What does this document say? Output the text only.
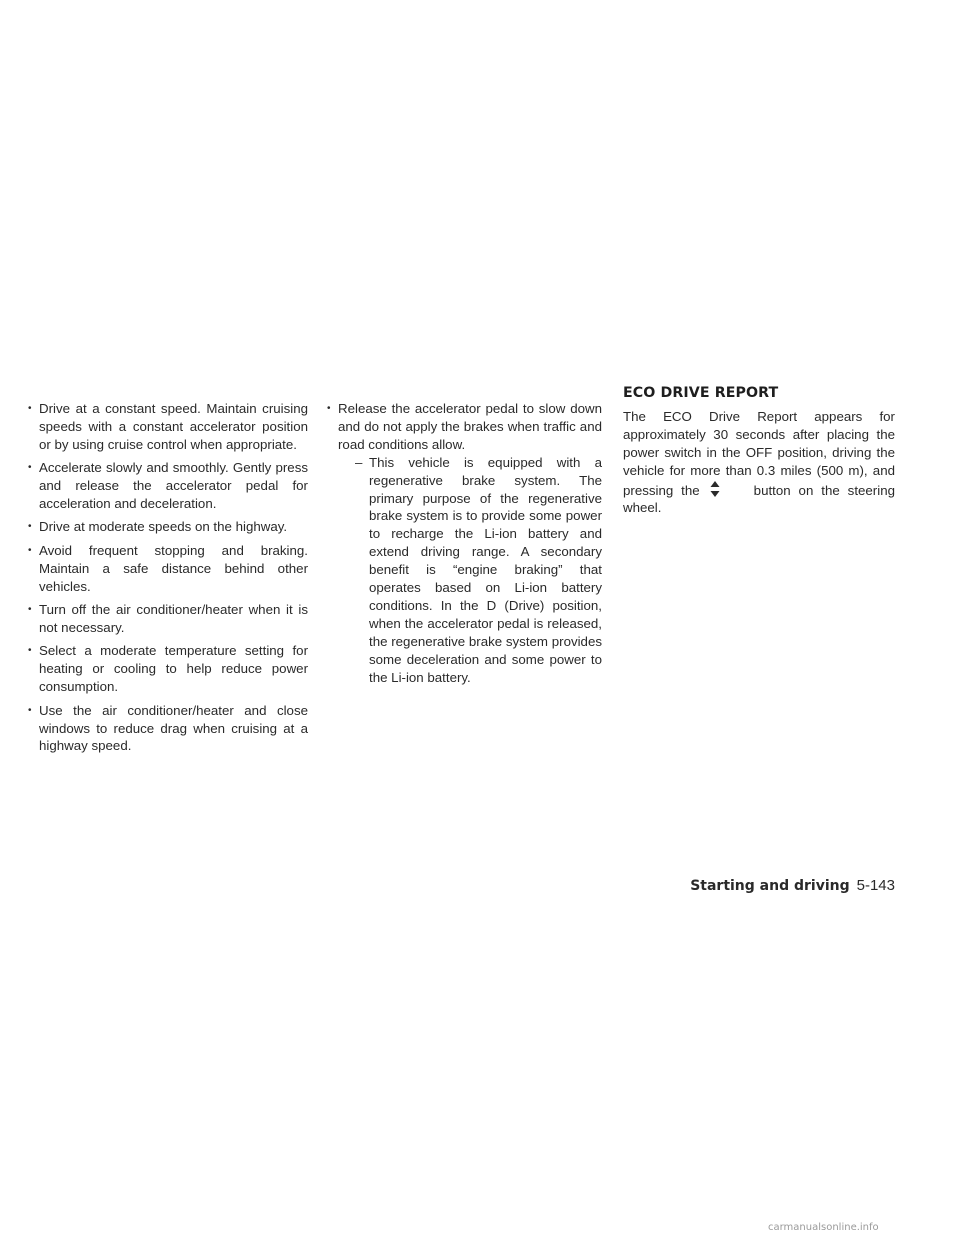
• Drive at a constant speed. Maintain cruising speeds with a constant accelerator position or by using cruise control when appropriate.
• Accelerate slowly and smoothly. Gently press and release the accelerator pedal for acceleration and deceleration.
• Drive at moderate speeds on the highway.
• Avoid frequent stopping and braking. Maintain a safe distance behind other vehicles.
• Turn off the air conditioner/heater when it is not necessary.
• Select a moderate temperature setting for heating or cooling to help reduce power consumption.
• Use the air conditioner/heater and close windows to reduce drag when cruising at a highway speed.
• Release the accelerator pedal to slow down and do not apply the brakes when traffic and road conditions allow.
– This vehicle is equipped with a regenerative brake system. The primary purpose of the regenerative brake system is to provide some power to recharge the Li-ion battery and extend driving range. A secondary benefit is “engine braking” that operates based on Li-ion battery conditions. In the D (Drive) position, when the accelerator pedal is released, the regenerative brake system provides some deceleration and some power to the Li-ion battery.
ECO DRIVE REPORT
The ECO Drive Report appears for approximately 30 seconds after placing the power switch in the OFF position, driving the vehicle for more than 0.3 miles (500 m), and pressing the	button on the steering wheel.
Starting and driving 5-143
carmanualsonline.info
